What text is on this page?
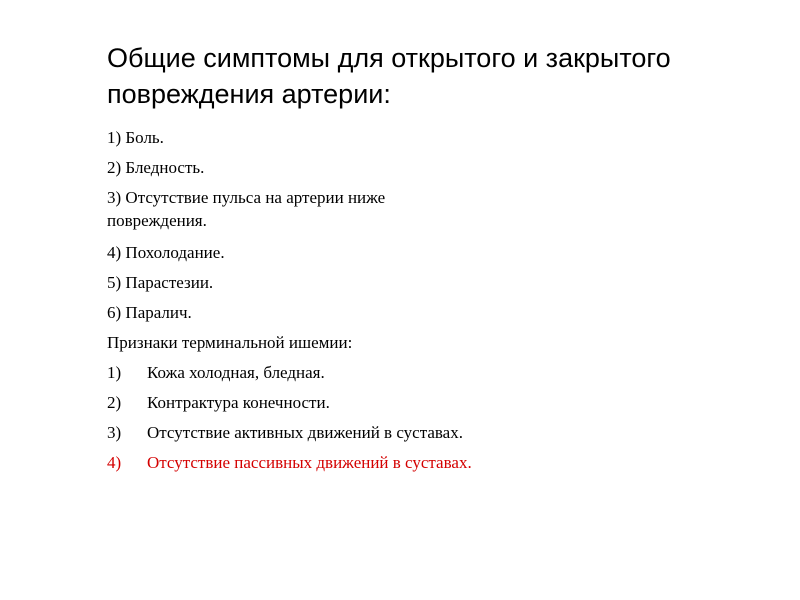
Общие симптомы для открытого и закрытого
повреждения артерии:

1) Боль.

2) Бледность.

3) Отсутствие пульса на артерии ниже повреждения.

4) Похолодание.

5) Парастезии.

6) Паралич.

Признаки терминальной ишемии:

1)	Кожа холодная, бледная.
2)	Контрактура конечности.
3)	Отсутствие активных движений в суставах.
4)	Отсутствие пассивных движений в суставах.
